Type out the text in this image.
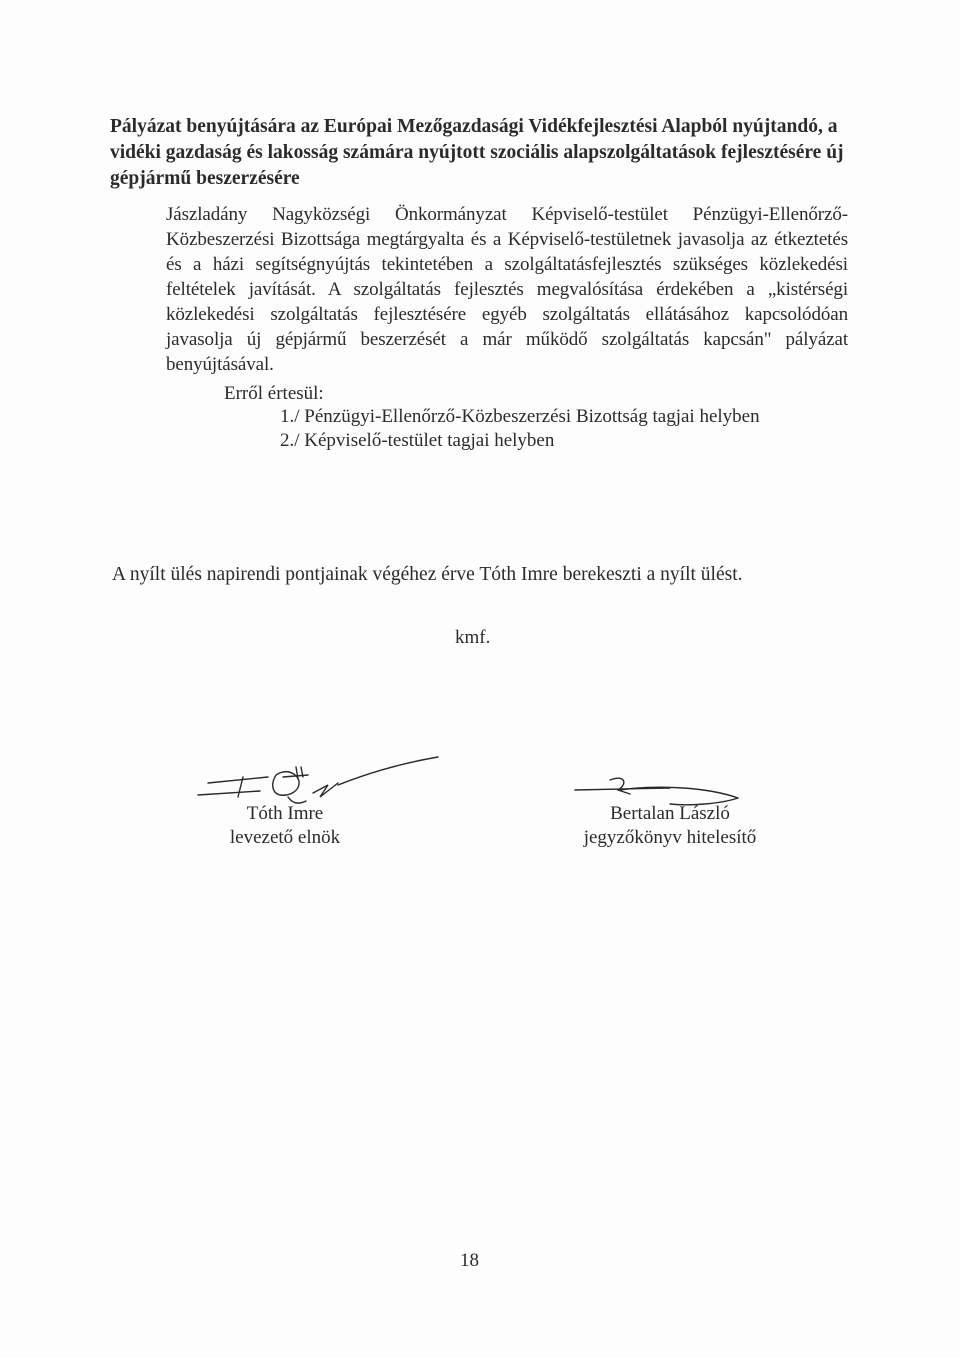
Pályázat benyújtására az Európai Mezőgazdasági Vidékfejlesztési Alapból nyújtandó, a vidéki gazdaság és lakosság számára nyújtott szociális alapszolgáltatások fejlesztésére új gépjármű beszerzésére
Jászladány Nagyközségi Önkormányzat Képviselő-testület Pénzügyi-Ellenőrző-Közbeszerzési Bizottsága megtárgyalta és a Képviselő-testületnek javasolja az étkeztetés és a házi segítségnyújtás tekintetében a szolgáltatásfejlesztés szükséges közlekedési feltételek javítását. A szolgáltatás fejlesztés megvalósítása érdekében a „kistérségi közlekedési szolgáltatás fejlesztésére egyéb szolgáltatás ellátásához kapcsolódóan javasolja új gépjármű beszerzését a már működő szolgáltatás kapcsán" pályázat benyújtásával.
Erről értesül:
1./ Pénzügyi-Ellenőrző-Közbeszerzési Bizottság tagjai helyben
2./ Képviselő-testület tagjai helyben
A nyílt ülés napirendi pontjainak végéhez érve Tóth Imre berekeszti a nyílt ülést.
kmf.
Tóth Imre
levezető elnök
Bertalan László
jegyzőkönyv hitelesítő
18
